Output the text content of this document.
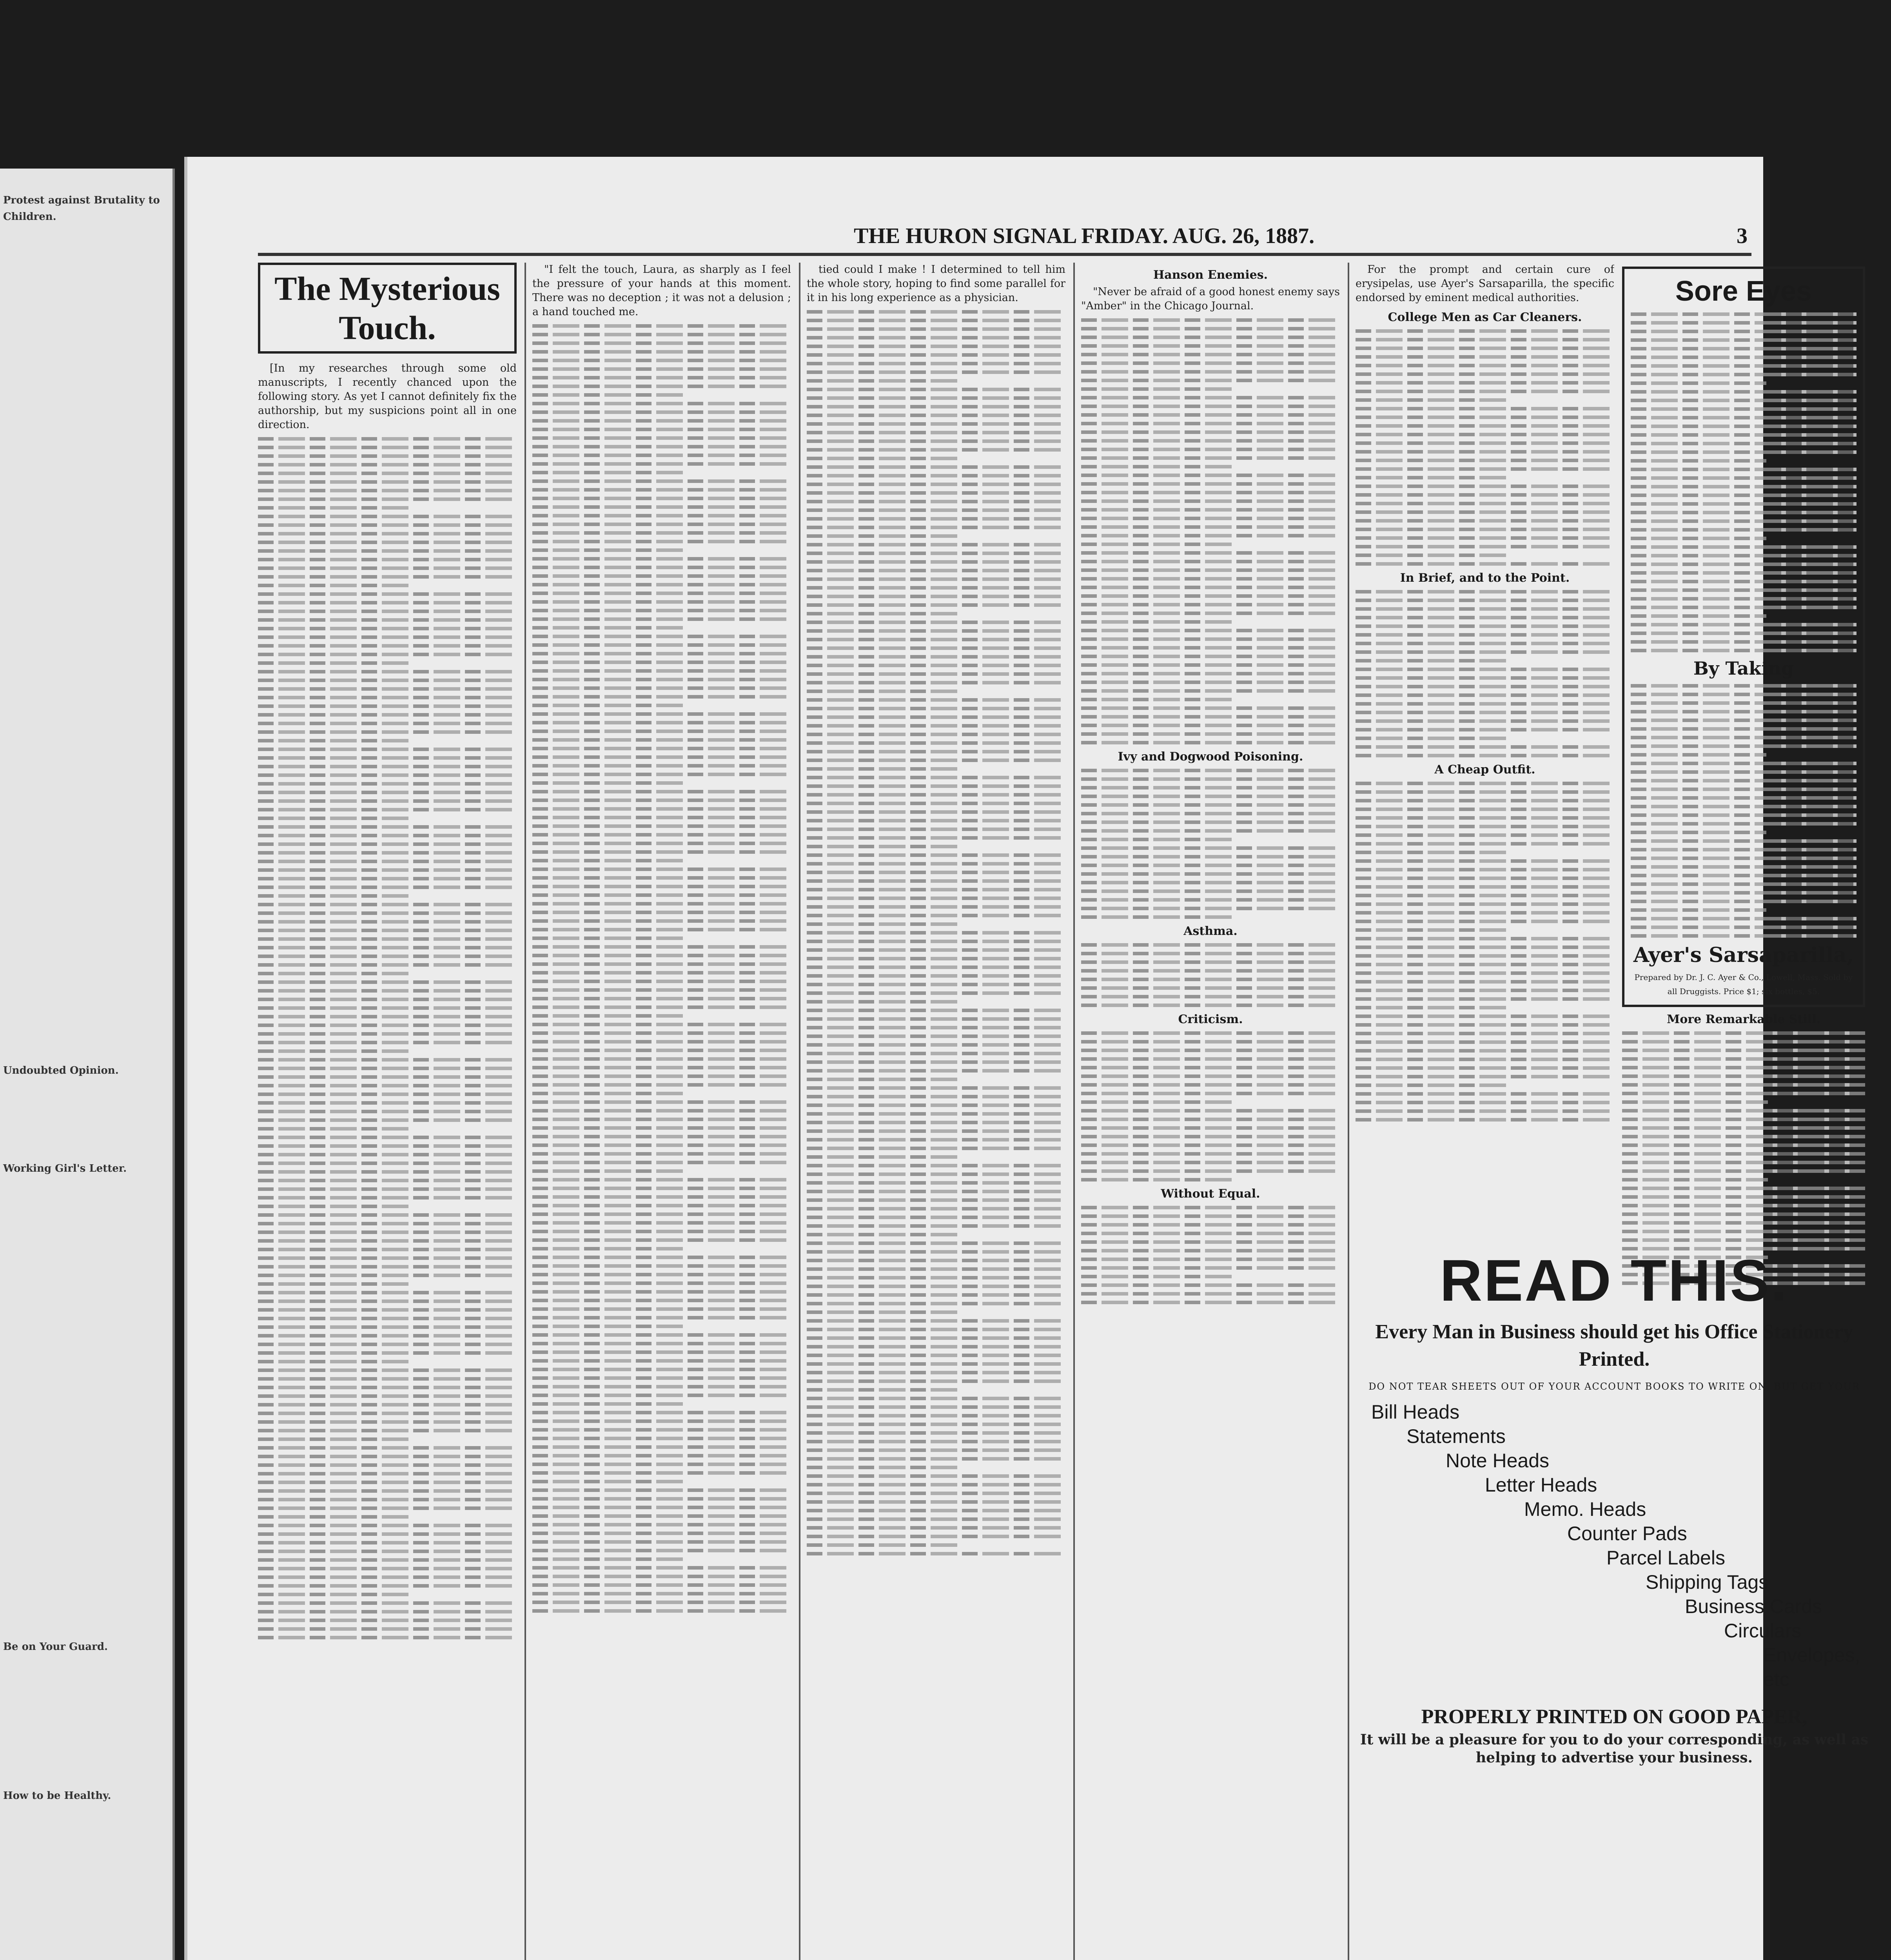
Protest against Brutality to Children.
Undoubted Opinion.
Working Girl's Letter.
Be on Your Guard.
How to be Healthy.
THE HURON SIGNAL FRIDAY. AUG. 26, 1887.	3
The Mysterious Touch.

[In my researches through some old manuscripts, I recently chanced upon the following story. As yet I cannot definitely fix the authorship, but my suspicions point all in one direction.

"I felt the touch, Laura, as sharply as I feel the pressure of your hands at this moment. There was no deception ; it was not a delusion ; a hand touched me.

tied could I make ! I determined to tell him the whole story, hoping to find some parallel for it in his long experience as a physician.

Hanson Enemies.

"Never be afraid of a good honest enemy says "Amber" in the Chicago Journal.

Ivy and Dogwood Poisoning.
Asthma.
Criticism.
Without Equal.

For the prompt and certain cure of erysipelas, use Ayer's Sarsaparilla, the specific endorsed by eminent medical authorities.

College Men as Car Cleaners.
In Brief, and to the Point.
A Cheap Outfit.
Sore Eyes
By Taking
Ayer's Sarsaparilla,
Prepared by Dr. J. C. Ayer & Co., Lowell, Mass. Sold by all Druggists. Price $1; six bottles, $5.
More Remarkable Still.
READ THIS.
Every Man in Business should get his Office Stationery Printed.
DO NOT TEAR SHEETS OUT OF YOUR ACCOUNT BOOKS TO WRITE ON, BUT GET YOUR
Bill Heads
Statements
Note Heads
Letter Heads
Memo. Heads
Counter Pads
Parcel Labels
Shipping Tags
Business Cards
Circulars
Envelopes, etc
PROPERLY PRINTED ON GOOD PAPER,
It will be a pleasure for you to do your corresponding, as well as helping to advertise your business.
